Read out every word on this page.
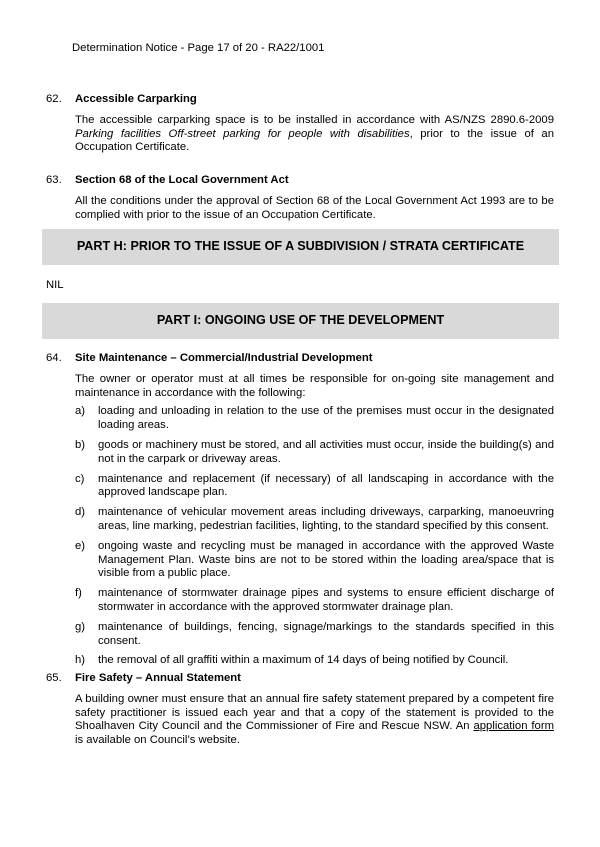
Determination Notice - Page 17 of 20 - RA22/1001
62.	Accessible Carparking
The accessible carparking space is to be installed in accordance with AS/NZS 2890.6-2009 Parking facilities Off-street parking for people with disabilities, prior to the issue of an Occupation Certificate.
63.	Section 68 of the Local Government Act
All the conditions under the approval of Section 68 of the Local Government Act 1993 are to be complied with prior to the issue of an Occupation Certificate.
PART H: PRIOR TO THE ISSUE OF A SUBDIVISION / STRATA CERTIFICATE
NIL
PART I: ONGOING USE OF THE DEVELOPMENT
64.	Site Maintenance – Commercial/Industrial Development
The owner or operator must at all times be responsible for on-going site management and maintenance in accordance with the following:
a)	loading and unloading in relation to the use of the premises must occur in the designated loading areas.
b)	goods or machinery must be stored, and all activities must occur, inside the building(s) and not in the carpark or driveway areas.
c)	maintenance and replacement (if necessary) of all landscaping in accordance with the approved landscape plan.
d)	maintenance of vehicular movement areas including driveways, carparking, manoeuvring areas, line marking, pedestrian facilities, lighting, to the standard specified by this consent.
e)	ongoing waste and recycling must be managed in accordance with the approved Waste Management Plan. Waste bins are not to be stored within the loading area/space that is visible from a public place.
f)	maintenance of stormwater drainage pipes and systems to ensure efficient discharge of stormwater in accordance with the approved stormwater drainage plan.
g)	maintenance of buildings, fencing, signage/markings to the standards specified in this consent.
h)	the removal of all graffiti within a maximum of 14 days of being notified by Council.
65.	Fire Safety – Annual Statement
A building owner must ensure that an annual fire safety statement prepared by a competent fire safety practitioner is issued each year and that a copy of the statement is provided to the Shoalhaven City Council and the Commissioner of Fire and Rescue NSW. An application form is available on Council’s website.
